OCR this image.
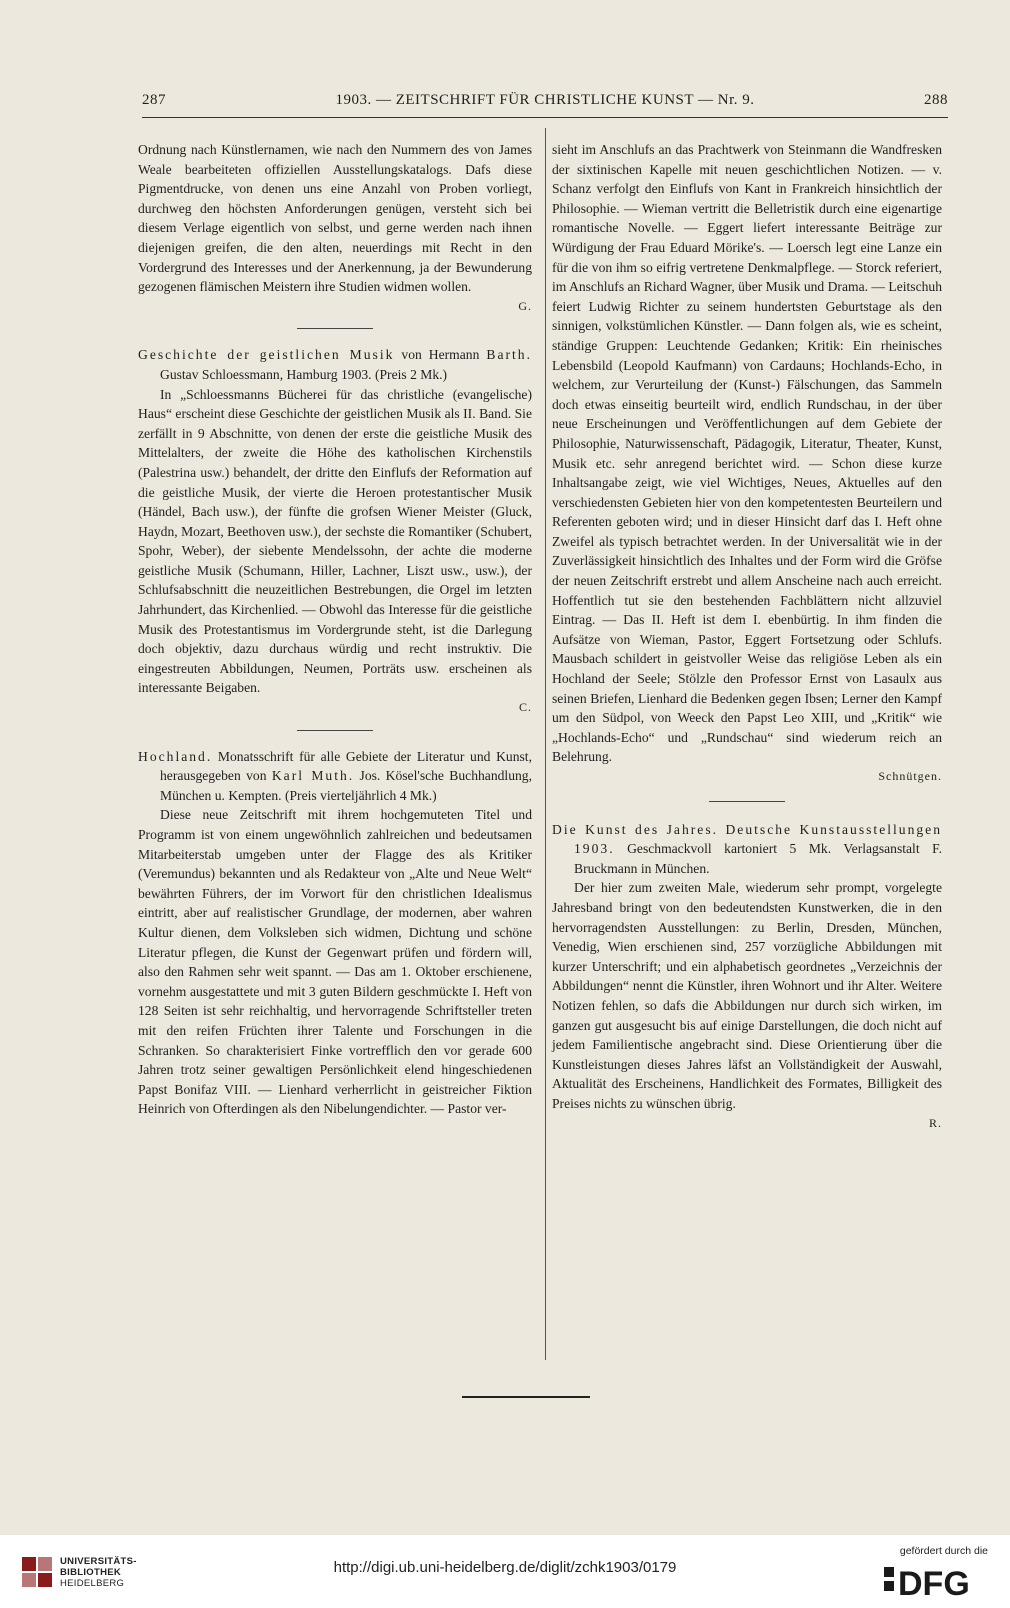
287	1903. — ZEITSCHRIFT FÜR CHRISTLICHE KUNST — Nr. 9.	288

Ordnung nach Künstlernamen, wie nach den Nummern des von James Weale bearbeiteten offiziellen Ausstellungskatalogs. Dafs diese Pigmentdrucke, von denen uns eine Anzahl von Proben vorliegt, durchweg den höchsten Anforderungen genügen, versteht sich bei diesem Verlage eigentlich von selbst, und gerne werden nach ihnen diejenigen greifen, die den alten, neuerdings mit Recht in den Vordergrund des Interesses und der Anerkennung, ja der Bewunderung gezogenen flämischen Meistern ihre Studien widmen wollen.

G.

Geschichte der geistlichen Musik von Hermann Barth. Gustav Schloessmann, Hamburg 1903. (Preis 2 Mk.)

In „Schloessmanns Bücherei für das christliche (evangelische) Haus“ erscheint diese Geschichte der geistlichen Musik als II. Band. Sie zerfällt in 9 Abschnitte, von denen der erste die geistliche Musik des Mittelalters, der zweite die Höhe des katholischen Kirchenstils (Palestrina usw.) behandelt, der dritte den Einflufs der Reformation auf die geistliche Musik, der vierte die Heroen protestantischer Musik (Händel, Bach usw.), der fünfte die grofsen Wiener Meister (Gluck, Haydn, Mozart, Beethoven usw.), der sechste die Romantiker (Schubert, Spohr, Weber), der siebente Mendelssohn, der achte die moderne geistliche Musik (Schumann, Hiller, Lachner, Liszt usw., usw.), der Schlufsabschnitt die neuzeitlichen Bestrebungen, die Orgel im letzten Jahrhundert, das Kirchenlied. — Obwohl das Interesse für die geistliche Musik des Protestantismus im Vordergrunde steht, ist die Darlegung doch objektiv, dazu durchaus würdig und recht instruktiv. Die eingestreuten Abbildungen, Neumen, Porträts usw. erscheinen als interessante Beigaben.

C.

Hochland. Monatsschrift für alle Gebiete der Literatur und Kunst, herausgegeben von Karl Muth. Jos. Kösel'sche Buchhandlung, München u. Kempten. (Preis vierteljährlich 4 Mk.)

Diese neue Zeitschrift mit ihrem hochgemuteten Titel und Programm ist von einem ungewöhnlich zahlreichen und bedeutsamen Mitarbeiterstab umgeben unter der Flagge des als Kritiker (Veremundus) bekannten und als Redakteur von „Alte und Neue Welt“ bewährten Führers, der im Vorwort für den christlichen Idealismus eintritt, aber auf realistischer Grundlage, der modernen, aber wahren Kultur dienen, dem Volksleben sich widmen, Dichtung und schöne Literatur pflegen, die Kunst der Gegenwart prüfen und fördern will, also den Rahmen sehr weit spannt. — Das am 1. Oktober erschienene, vornehm ausgestattete und mit 3 guten Bildern geschmückte I. Heft von 128 Seiten ist sehr reichhaltig, und hervorragende Schriftsteller treten mit den reifen Früchten ihrer Talente und Forschungen in die Schranken. So charakterisiert Finke vortrefflich den vor gerade 600 Jahren trotz seiner gewaltigen Persönlichkeit elend hingeschiedenen Papst Bonifaz VIII. — Lienhard verherrlicht in geistreicher Fiktion Heinrich von Ofterdingen als den Nibelungendichter. — Pastor ver-

sieht im Anschlufs an das Prachtwerk von Steinmann die Wandfresken der sixtinischen Kapelle mit neuen geschichtlichen Notizen. — v. Schanz verfolgt den Einflufs von Kant in Frankreich hinsichtlich der Philosophie. — Wieman vertritt die Belletristik durch eine eigenartige romantische Novelle. — Eggert liefert interessante Beiträge zur Würdigung der Frau Eduard Mörike's. — Loersch legt eine Lanze ein für die von ihm so eifrig vertretene Denkmalpflege. — Storck referiert, im Anschlufs an Richard Wagner, über Musik und Drama. — Leitschuh feiert Ludwig Richter zu seinem hundertsten Geburtstage als den sinnigen, volkstümlichen Künstler. — Dann folgen als, wie es scheint, ständige Gruppen: Leuchtende Gedanken; Kritik: Ein rheinisches Lebensbild (Leopold Kaufmann) von Cardauns; Hochlands-Echo, in welchem, zur Verurteilung der (Kunst-) Fälschungen, das Sammeln doch etwas einseitig beurteilt wird, endlich Rundschau, in der über neue Erscheinungen und Veröffentlichungen auf dem Gebiete der Philosophie, Naturwissenschaft, Pädagogik, Literatur, Theater, Kunst, Musik etc. sehr anregend berichtet wird. — Schon diese kurze Inhaltsangabe zeigt, wie viel Wichtiges, Neues, Aktuelles auf den verschiedensten Gebieten hier von den kompetentesten Beurteilern und Referenten geboten wird; und in dieser Hinsicht darf das I. Heft ohne Zweifel als typisch betrachtet werden. In der Universalität wie in der Zuverlässigkeit hinsichtlich des Inhaltes und der Form wird die Gröfse der neuen Zeitschrift erstrebt und allem Anscheine nach auch erreicht. Hoffentlich tut sie den bestehenden Fachblättern nicht allzuviel Eintrag. — Das II. Heft ist dem I. ebenbürtig. In ihm finden die Aufsätze von Wieman, Pastor, Eggert Fortsetzung oder Schlufs. Mausbach schildert in geistvoller Weise das religiöse Leben als ein Hochland der Seele; Stölzle den Professor Ernst von Lasaulx aus seinen Briefen, Lienhard die Bedenken gegen Ibsen; Lerner den Kampf um den Südpol, von Weeck den Papst Leo XIII, und „Kritik“ wie „Hochlands-Echo“ und „Rundschau“ sind wiederum reich an Belehrung.

Schnütgen.

Die Kunst des Jahres. Deutsche Kunstausstellungen 1903. Geschmackvoll kartoniert 5 Mk. Verlagsanstalt F. Bruckmann in München.

Der hier zum zweiten Male, wiederum sehr prompt, vorgelegte Jahresband bringt von den bedeutendsten Kunstwerken, die in den hervorragendsten Ausstellungen: zu Berlin, Dresden, München, Venedig, Wien erschienen sind, 257 vorzügliche Abbildungen mit kurzer Unterschrift; und ein alphabetisch geordnetes „Verzeichnis der Abbildungen“ nennt die Künstler, ihren Wohnort und ihr Alter. Weitere Notizen fehlen, so dafs die Abbildungen nur durch sich wirken, im ganzen gut ausgesucht bis auf einige Darstellungen, die doch nicht auf jedem Familientische angebracht sind. Diese Orientierung über die Kunstleistungen dieses Jahres läfst an Vollständigkeit der Auswahl, Aktualität des Erscheinens, Handlichkeit des Formates, Billigkeit des Preises nichts zu wünschen übrig.

R.

UNIVERSITÄTS-
BIBLIOTHEK
HEIDELBERG
http://digi.ub.uni-heidelberg.de/diglit/zchk1903/0179
gefördert durch die
DFG
